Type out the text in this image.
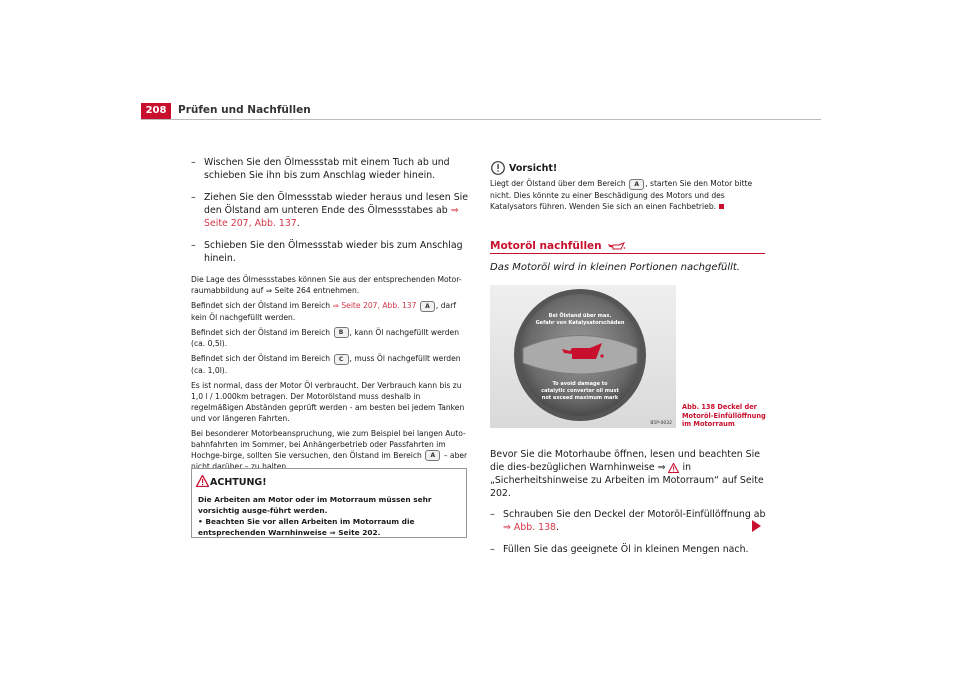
208	Prüfen und Nachfüllen
– Wischen Sie den Ölmessstab mit einem Tuch ab und schieben Sie ihn bis zum Anschlag wieder hinein.
– Ziehen Sie den Ölmessstab wieder heraus und lesen Sie den Ölstand am unteren Ende des Ölmessstabes ab ⇒ Seite 207, Abb. 137.
– Schieben Sie den Ölmessstab wieder bis zum Anschlag hinein.

Die Lage des Ölmessstabes können Sie aus der entsprechenden Motor-raumabbildung auf ⇒ Seite 264 entnehmen.

Befindet sich der Ölstand im Bereich ⇒ Seite 207, Abb. 137 A , darf kein Öl nachgefüllt werden.

Befindet sich der Ölstand im Bereich B , kann Öl nachgefüllt werden (ca. 0,5l).

Befindet sich der Ölstand im Bereich C , muss Öl nachgefüllt werden (ca. 1,0l).

Es ist normal, dass der Motor Öl verbraucht. Der Verbrauch kann bis zu 1,0 l / 1.000km betragen. Der Motorölstand muss deshalb in regelmäßigen Abständen geprüft werden - am besten bei jedem Tanken und vor längeren Fahrten.

Bei besonderer Motorbeanspruchung, wie zum Beispiel bei langen Auto-bahnfahrten im Sommer, bei Anhängerbetrieb oder Passfahrten im Hochge-birge, sollten Sie versuchen, den Ölstand im Bereich A – aber nicht darüber – zu halten.

ACHTUNG!
Die Arbeiten am Motor oder im Motorraum müssen sehr vorsichtig ausge-führt werden.
• Beachten Sie vor allen Arbeiten im Motorraum die entsprechenden Warnhinweise ⇒ Seite 202.
Vorsicht!
Liegt der Ölstand über dem Bereich A , starten Sie den Motor bitte nicht. Dies könnte zu einer Beschädigung des Motors und des Katalysators führen. Wenden Sie sich an einen Fachbetrieb.
Motoröl nachfüllen
Das Motoröl wird in kleinen Portionen nachgefüllt.
Bei Ölstand über max.
Gefahr von Katalysatorschäden
To avoid damage to
catalytic converter oil must
not exceed maximum mark
B5P-0032
Abb. 138 Deckel der Motoröl-Einfüllöffnung im Motorraum

Bevor Sie die Motorhaube öffnen, lesen und beachten Sie die dies-bezüglichen Warnhinweise ⇒ in „Sicherheitshinweise zu Arbeiten im Motorraum“ auf Seite 202.

– Schrauben Sie den Deckel der Motoröl-Einfüllöffnung ab ⇒ Abb. 138.
– Füllen Sie das geeignete Öl in kleinen Mengen nach.
